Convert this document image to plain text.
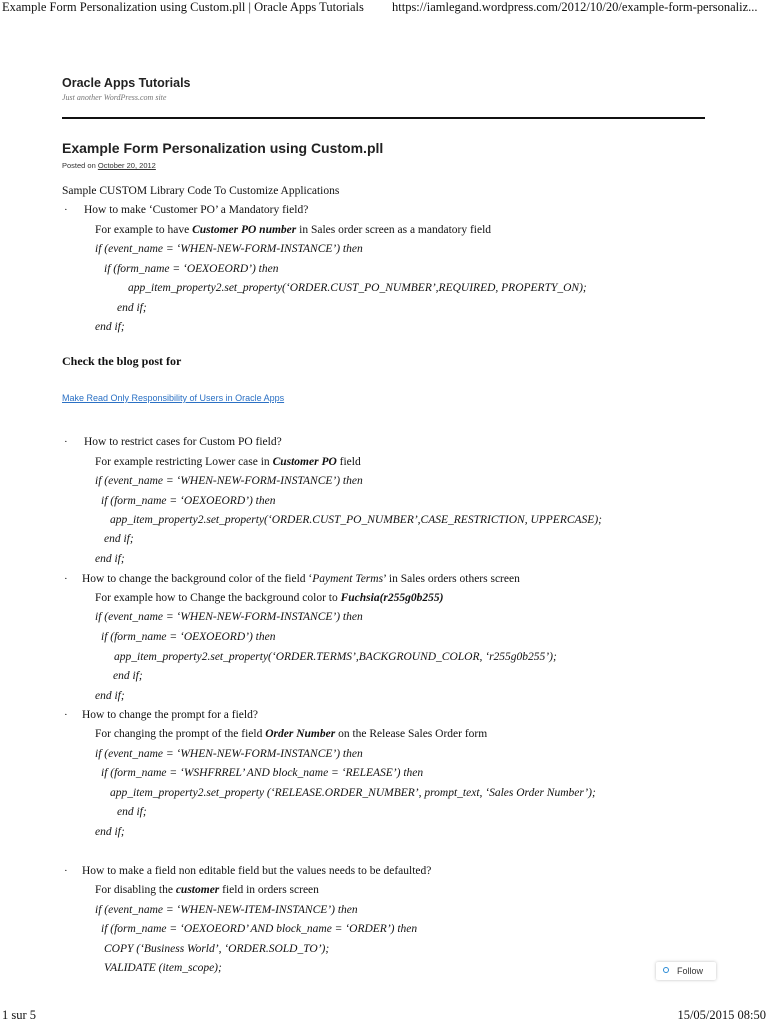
Example Form Personalization using Custom.pll | Oracle Apps Tutorials https://iamlegand.wordpress.com/2012/10/20/example-form-personaliz...
Oracle Apps Tutorials
Just another WordPress.com site
Example Form Personalization using Custom.pll
Posted on October 20, 2012
Sample CUSTOM Library Code To Customize Applications
· How to make ‘Customer PO’ a Mandatory field?
For example to have Customer PO number in Sales order screen as a mandatory field
if (event_name = ‘WHEN-NEW-FORM-INSTANCE’) then
if (form_name = ‘OEXOEORD’) then
app_item_property2.set_property(‘ORDER.CUST_PO_NUMBER’,REQUIRED, PROPERTY_ON);
end if;
end if;
Check the blog post for
Make Read Only Responsibility of Users in Oracle Apps
· How to restrict cases for Custom PO field?
For example restricting Lower case in Customer PO field
if (event_name = ‘WHEN-NEW-FORM-INSTANCE’) then
if (form_name = ‘OEXOEORD’) then
app_item_property2.set_property(‘ORDER.CUST_PO_NUMBER’,CASE_RESTRICTION, UPPERCASE);
end if;
end if;
· How to change the background color of the field ‘Payment Terms’ in Sales orders others screen
For example how to Change the background color to Fuchsia(r255g0b255)
if (event_name = ‘WHEN-NEW-FORM-INSTANCE’) then
if (form_name = ‘OEXOEORD’) then
app_item_property2.set_property(‘ORDER.TERMS’,BACKGROUND_COLOR, ‘r255g0b255’);
end if;
end if;
· How to change the prompt for a field?
For changing the prompt of the field Order Number on the Release Sales Order form
if (event_name = ‘WHEN-NEW-FORM-INSTANCE’) then
if (form_name = ‘WSHFRREL’ AND block_name = ‘RELEASE’) then
app_item_property2.set_property (‘RELEASE.ORDER_NUMBER’, prompt_text, ‘Sales Order Number’);
end if;
end if;
· How to make a field non editable field but the values needs to be defaulted?
For disabling the customer field in orders screen
if (event_name = ‘WHEN-NEW-ITEM-INSTANCE’) then
if (form_name = ‘OEXOEORD’ AND block_name = ‘ORDER’) then
COPY (‘Business World’, ‘ORDER.SOLD_TO’);
VALIDATE (item_scope);	Follow
1 sur 5	15/05/2015 08:50
